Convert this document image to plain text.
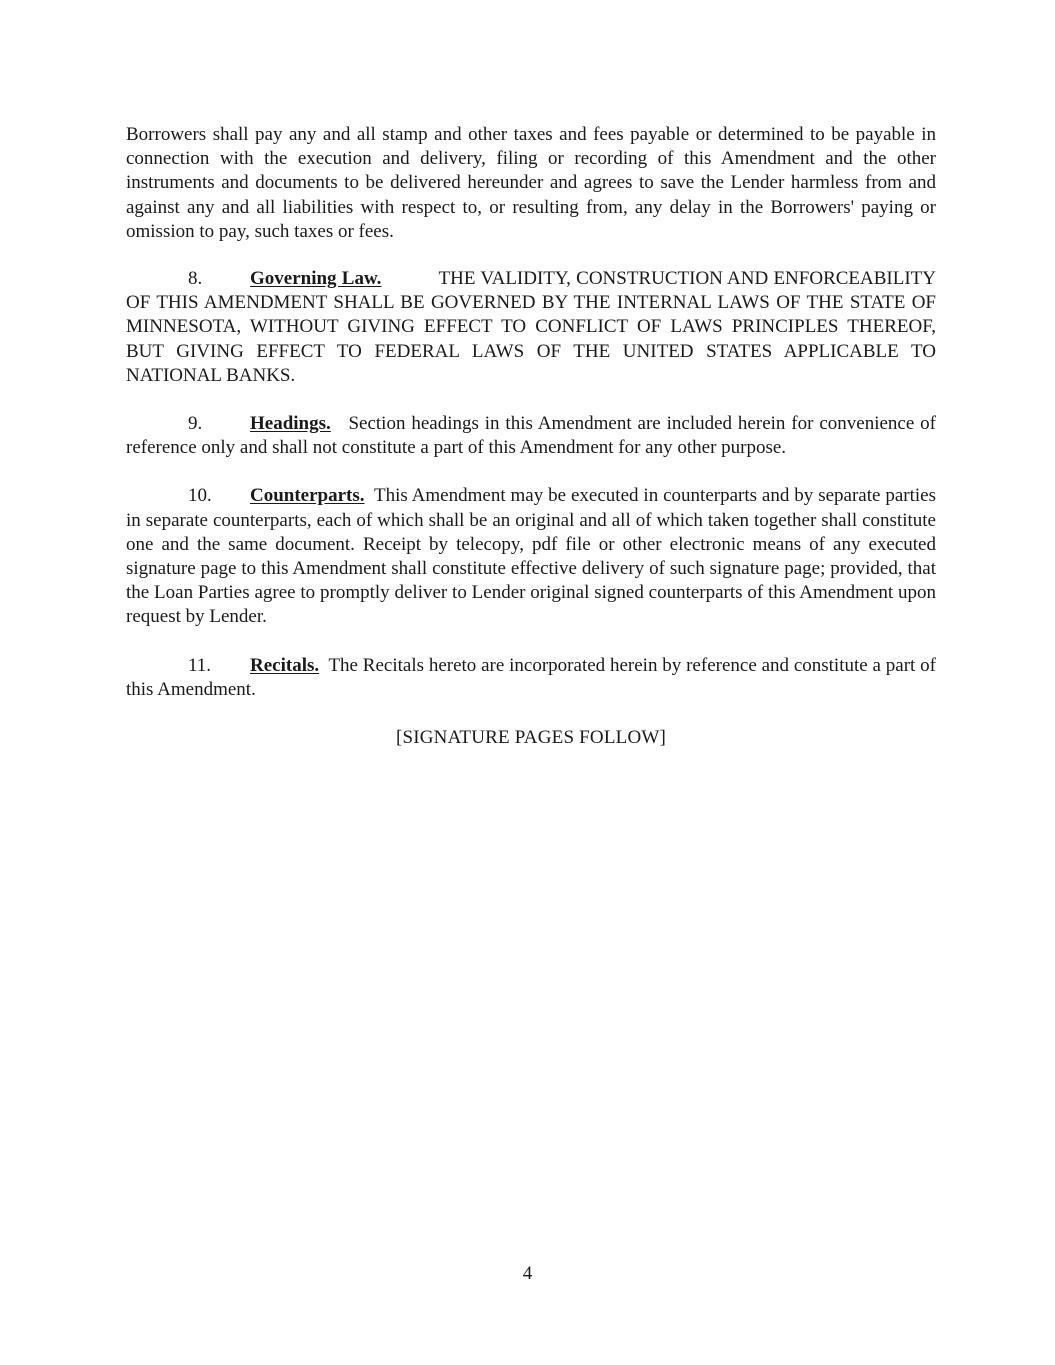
Borrowers shall pay any and all stamp and other taxes and fees payable or determined to be payable in connection with the execution and delivery, filing or recording of this Amendment and the other instruments and documents to be delivered hereunder and agrees to save the Lender harmless from and against any and all liabilities with respect to, or resulting from, any delay in the Borrowers' paying or omission to pay, such taxes or fees.

8.	Governing Law.	THE VALIDITY, CONSTRUCTION AND ENFORCEABILITY OF THIS AMENDMENT SHALL BE GOVERNED BY THE INTERNAL LAWS OF THE STATE OF MINNESOTA, WITHOUT GIVING EFFECT TO CONFLICT OF LAWS PRINCIPLES THEREOF, BUT GIVING EFFECT TO FEDERAL LAWS OF THE UNITED STATES APPLICABLE TO NATIONAL BANKS.

9.	Headings. Section headings in this Amendment are included herein for convenience of reference only and shall not constitute a part of this Amendment for any other purpose.

10. Counterparts. This Amendment may be executed in counterparts and by separate parties in separate counterparts, each of which shall be an original and all of which taken together shall constitute one and the same document. Receipt by telecopy, pdf file or other electronic means of any executed signature page to this Amendment shall constitute effective delivery of such signature page; provided, that the Loan Parties agree to promptly deliver to Lender original signed counterparts of this Amendment upon request by Lender.

11. Recitals. The Recitals hereto are incorporated herein by reference and constitute a part of this Amendment.

[SIGNATURE PAGES FOLLOW]

4
